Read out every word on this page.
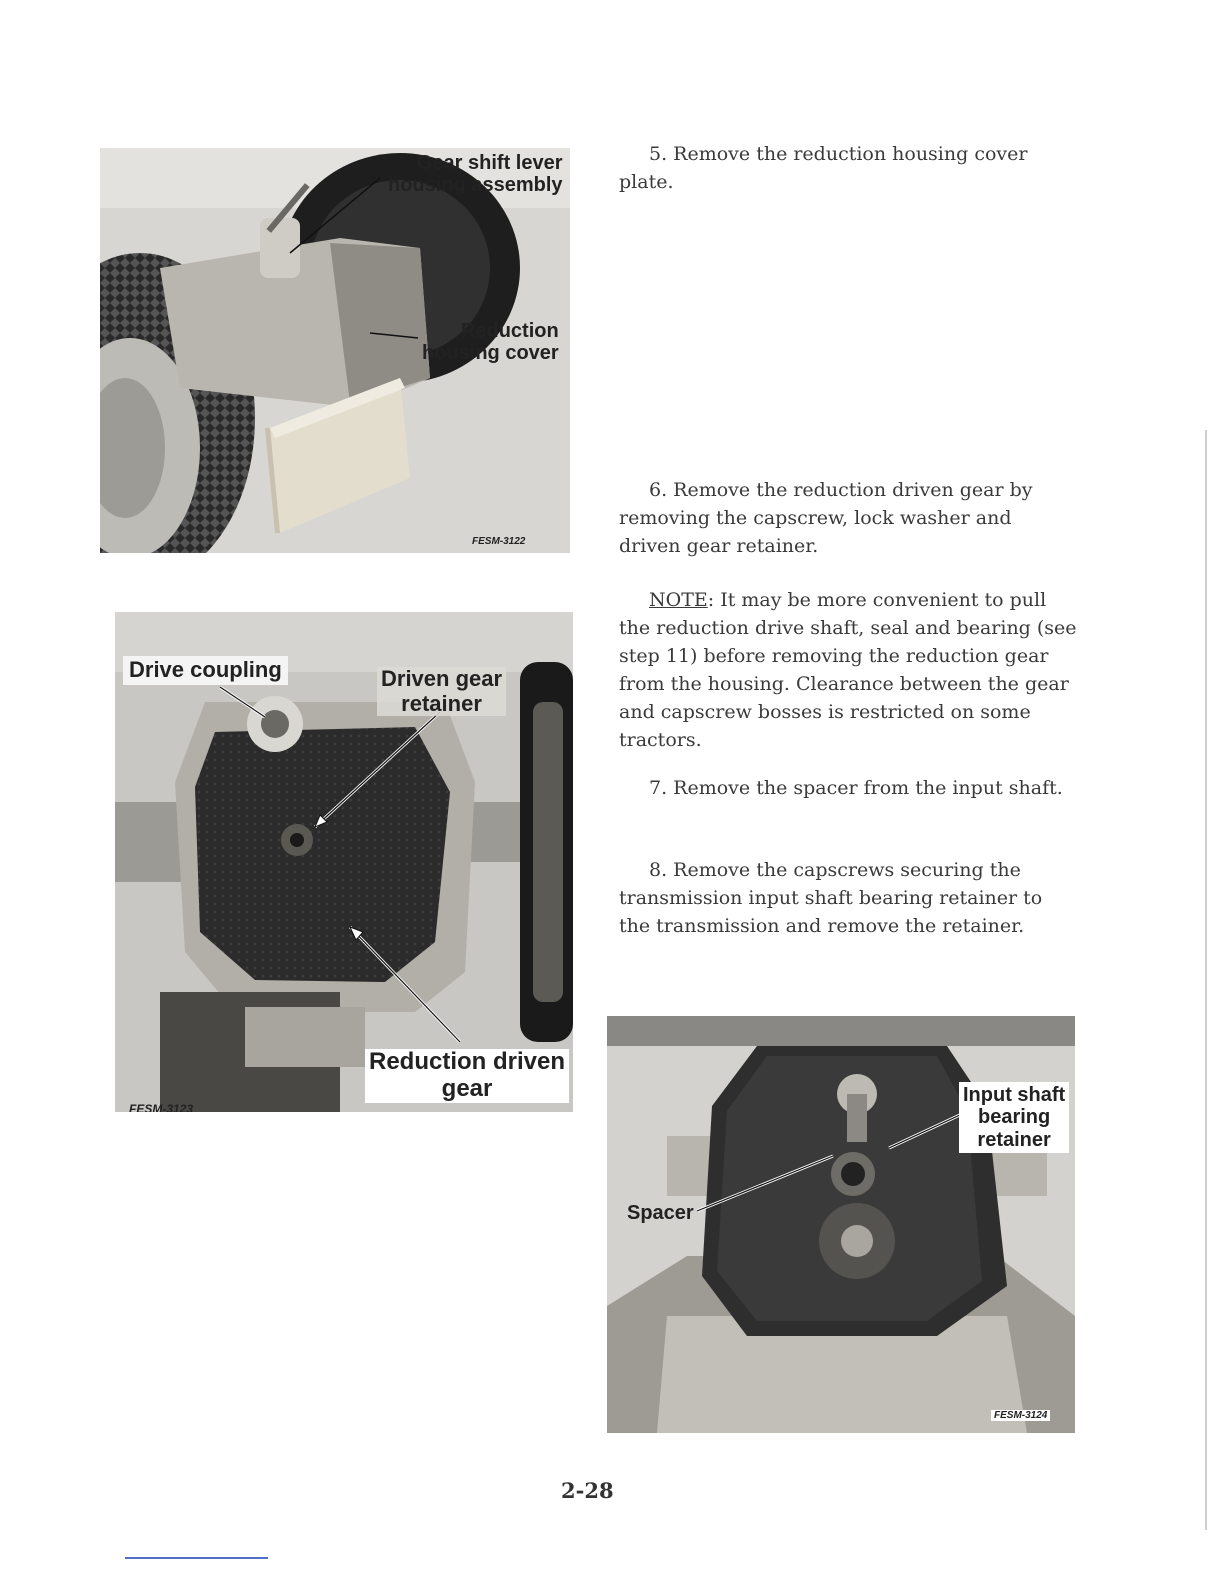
Gear shift lever
housing assembly
Reduction
housing cover
FESM-3122
Drive coupling	Driven gear
retainer
Reduction driven
gear
FESM-3123

5. Remove the reduction housing cover plate.

6. Remove the reduction driven gear by removing the capscrew, lock washer and driven gear retainer.

NOTE: It may be more convenient to pull the reduction drive shaft, seal and bearing (see step 11) before removing the reduction gear from the housing. Clearance between the gear and capscrew bosses is restricted on some tractors.

7. Remove the spacer from the input shaft.

8. Remove the capscrews securing the transmission input shaft bearing retainer to the transmission and remove the retainer.

Input shaft
bearing
retainer
Spacer
FESM-3124
2-28
